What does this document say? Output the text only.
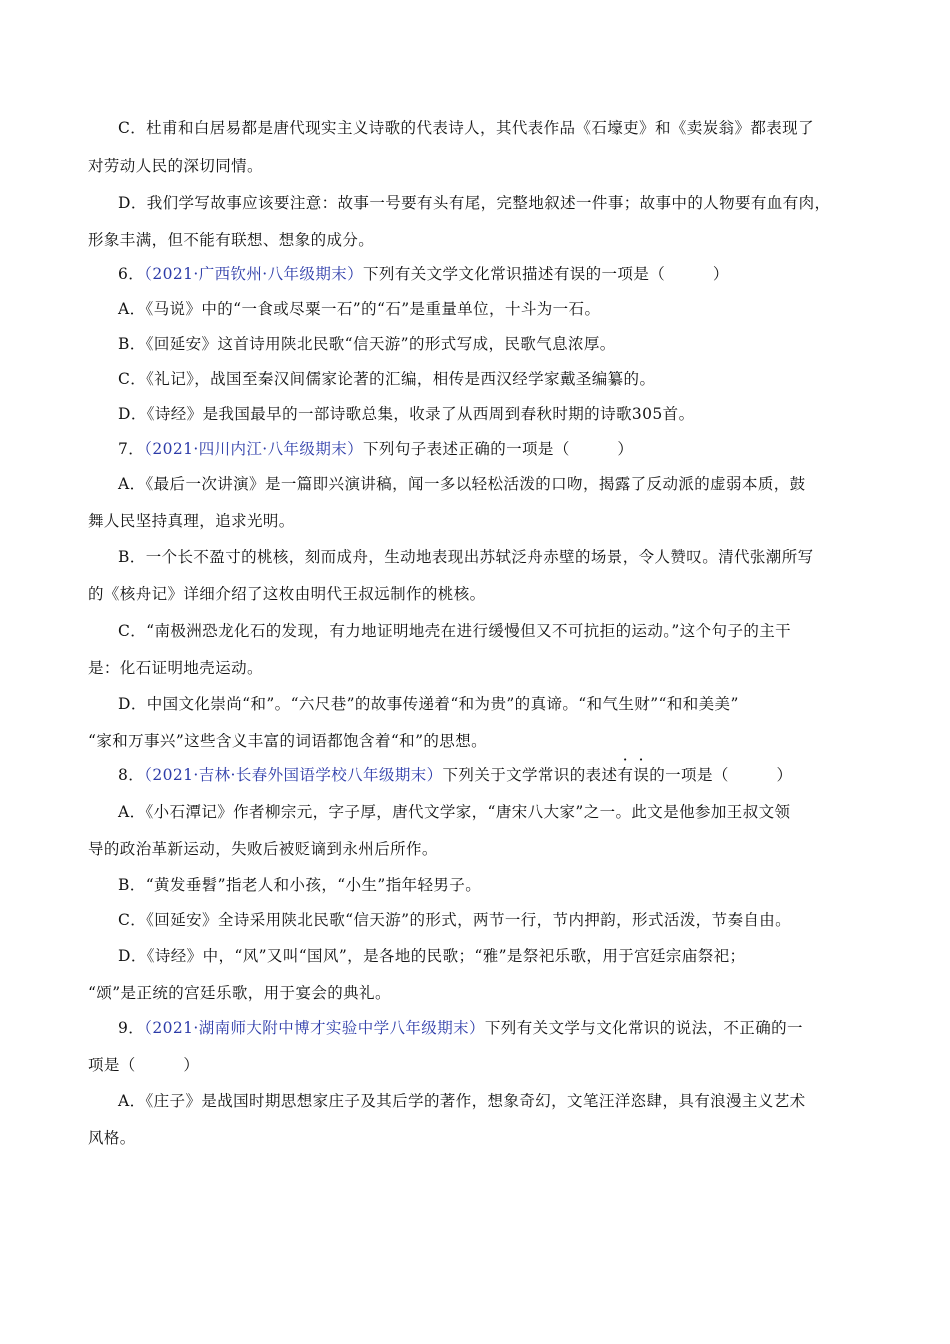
C．杜甫和白居易都是唐代现实主义诗歌的代表诗人，其代表作品《石壕吏》和《卖炭翁》都表现了
对劳动人民的深切同情。
D．我们学写故事应该要注意：故事一号要有头有尾，完整地叙述一件事；故事中的人物要有血有肉，
形象丰满，但不能有联想、想象的成分。
6．（2021·广西钦州·八年级期末）下列有关文学文化常识描述有误的一项是（　　　）
A．《马说》中的“一食或尽粟一石”的“石”是重量单位，十斗为一石。
B．《回延安》这首诗用陕北民歌“信天游”的形式写成，民歌气息浓厚。
C．《礼记》，战国至秦汉间儒家论著的汇编，相传是西汉经学家戴圣编纂的。
D．《诗经》是我国最早的一部诗歌总集，收录了从西周到春秋时期的诗歌305首。
7．（2021·四川内江·八年级期末）下列句子表述正确的一项是（　　　）
A．《最后一次讲演》是一篇即兴演讲稿，闻一多以轻松活泼的口吻，揭露了反动派的虚弱本质，鼓
舞人民坚持真理，追求光明。
B．一个长不盈寸的桃核，刻而成舟，生动地表现出苏轼泛舟赤壁的场景，令人赞叹。清代张潮所写
的《核舟记》详细介绍了这枚由明代王叔远制作的桃核。
C．“南极洲恐龙化石的发现，有力地证明地壳在进行缓慢但又不可抗拒的运动。”这个句子的主干
是：化石证明地壳运动。
D．中国文化崇尚“和”。“六尺巷”的故事传递着“和为贵”的真谛。“和气生财”“和和美美”
“家和万事兴”这些含义丰富的词语都饱含着“和”的思想。
8．（2021·吉林·长春外国语学校八年级期末）下列关于文学常识的表述有误的一项是（　　　）
A．《小石潭记》作者柳宗元，字子厚，唐代文学家，“唐宋八大家”之一。此文是他参加王叔文领
导的政治革新运动，失败后被贬谪到永州后所作。
B．“黄发垂髫”指老人和小孩，“小生”指年轻男子。
C．《回延安》全诗采用陕北民歌“信天游”的形式，两节一行，节内押韵，形式活泼，节奏自由。
D．《诗经》中，“风”又叫“国风”，是各地的民歌；“雅”是祭祀乐歌，用于宫廷宗庙祭祀；
“颂”是正统的宫廷乐歌，用于宴会的典礼。
9．（2021·湖南师大附中博才实验中学八年级期末）下列有关文学与文化常识的说法，不正确的一
项是（　　　）
A．《庄子》是战国时期思想家庄子及其后学的著作，想象奇幻，文笔汪洋恣肆，具有浪漫主义艺术
风格。
